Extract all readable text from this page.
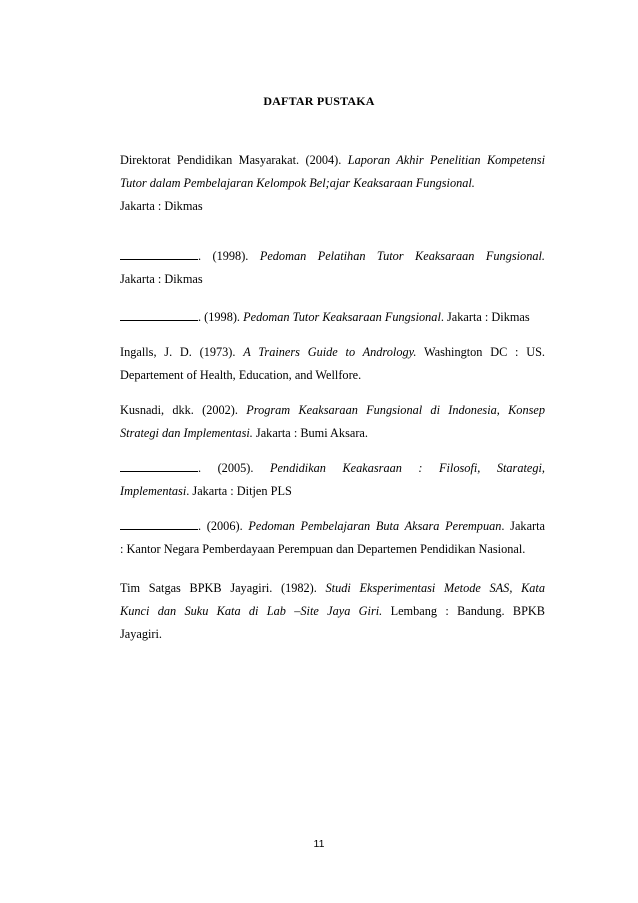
DAFTAR PUSTAKA
Direktorat Pendidikan Masyarakat. (2004). Laporan Akhir Penelitian Kompetensi
Tutor dalam Pembelajaran Kelompok Bel;ajar Keaksaraan Fungsional.
Jakarta : Dikmas
. (1998). Pedoman Pelatihan Tutor Keaksaraan Fungsional.
Jakarta : Dikmas
. (1998). Pedoman Tutor Keaksaraan Fungsional. Jakarta : Dikmas
Ingalls, J. D. (1973). A Trainers Guide to Andrology. Washington DC : US.
Departement of Health, Education, and Wellfore.
Kusnadi, dkk. (2002). Program Keaksaraan Fungsional di Indonesia, Konsep
Strategi dan Implementasi. Jakarta : Bumi Aksara.
. (2005). Pendidikan Keakasraan : Filosofi, Starategi,
Implementasi. Jakarta : Ditjen PLS
. (2006). Pedoman Pembelajaran Buta Aksara Perempuan. Jakarta
: Kantor Negara Pemberdayaan Perempuan dan Departemen Pendidikan Nasional.
Tim Satgas BPKB Jayagiri. (1982). Studi Eksperimentasi Metode SAS, Kata
Kunci dan Suku Kata di Lab –Site Jaya Giri. Lembang : Bandung. BPKB
Jayagiri.
11
